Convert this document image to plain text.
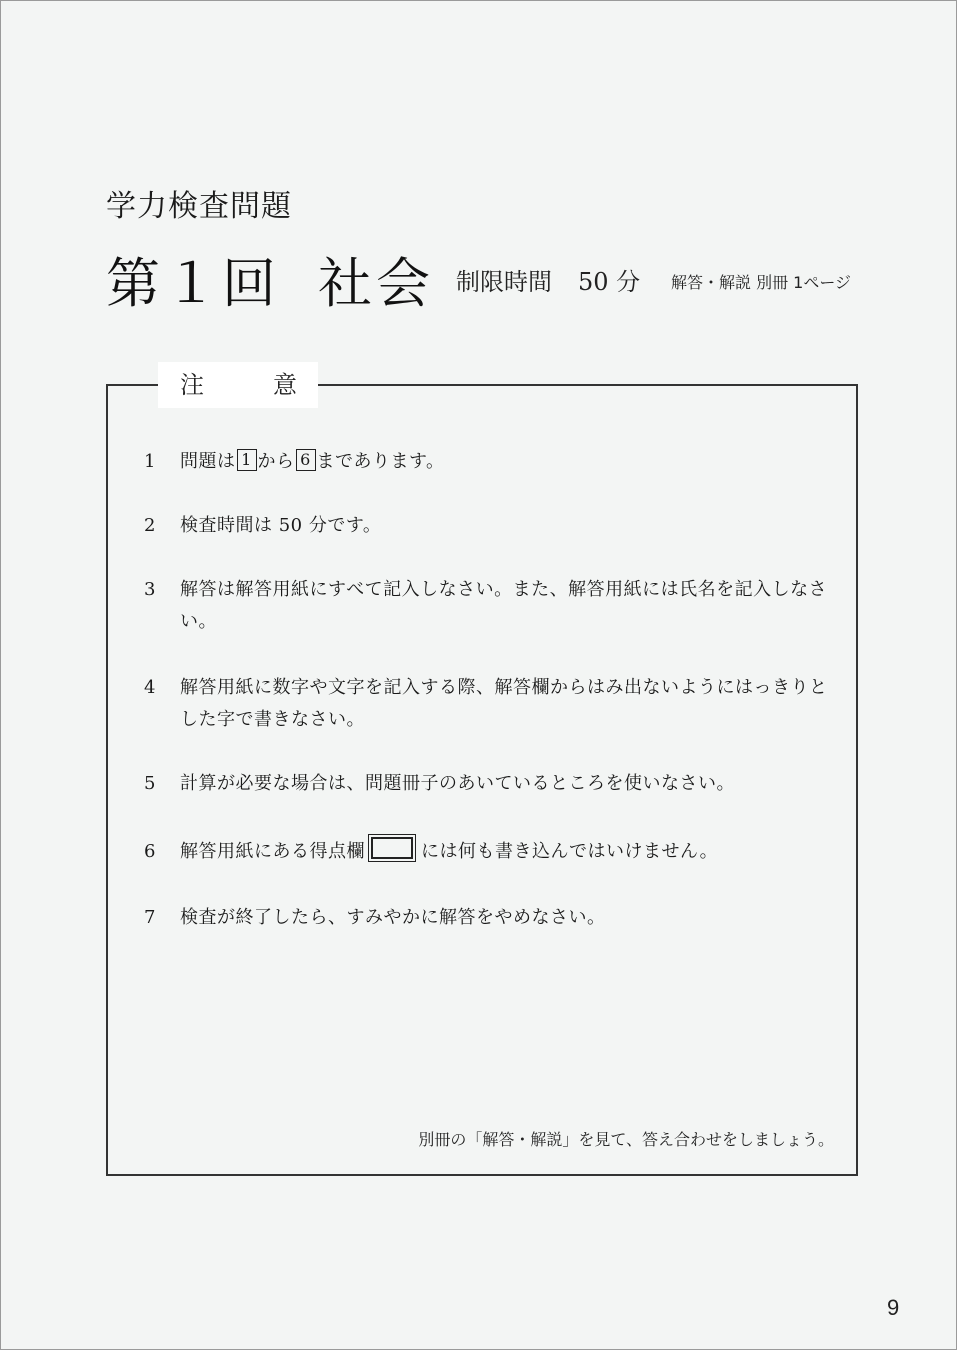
学力検査問題
第１回 社会 制限時間 50 分 解答・解説 別冊 1ページ
注	意
1	問題は 1 から 6 まであります。
2	検査時間は 50 分です。
3	解答は解答用紙にすべて記入しなさい。また、解答用紙には氏名を記入しなさい。
4	解答用紙に数字や文字を記入する際、解答欄からはみ出ないようにはっきりとした字で書きなさい。
5	計算が必要な場合は、問題冊子のあいているところを使いなさい。
6	解答用紙にある得点欄	には何も書き込んではいけません。
7	検査が終了したら、すみやかに解答をやめなさい。
別冊の「解答・解説」を見て、答え合わせをしましょう。
9
